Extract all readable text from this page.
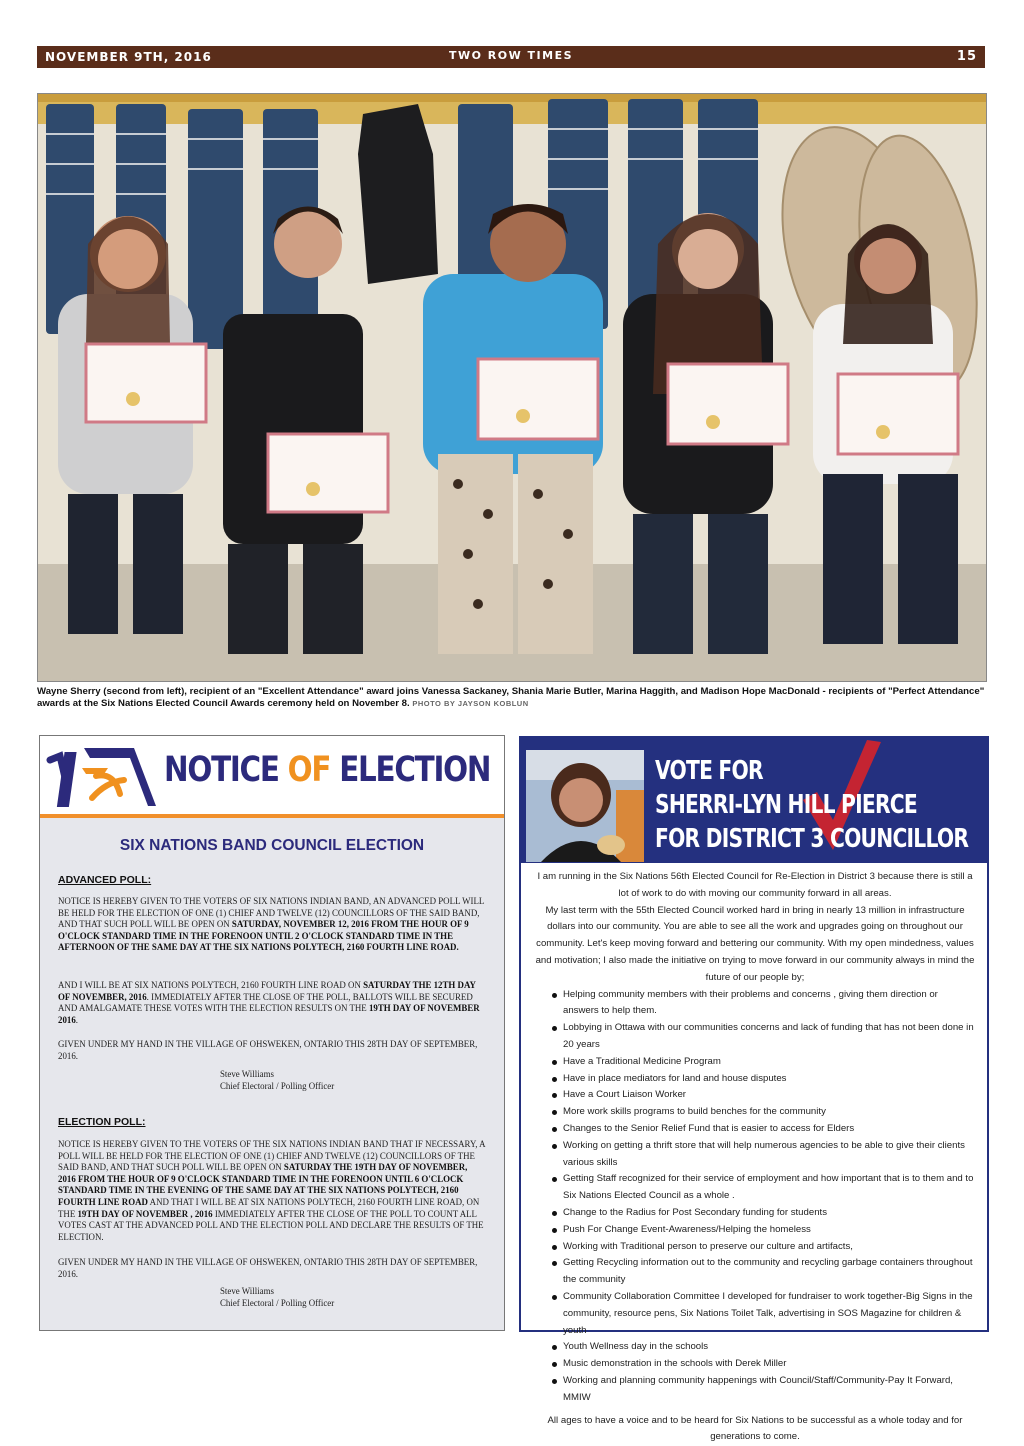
NOVEMBER 9TH, 2016	TWO ROW TIMES	15
Wayne Sherry (second from left), recipient of an "Excellent Attendance" award joins Vanessa Sackaney, Shania Marie Butler, Marina Haggith, and Madison Hope MacDonald - recipients of "Perfect Attendance" awards at the Six Nations Elected Council Awards ceremony held on November 8. PHOTO BY JAYSON KOBLUN
NOTICE OF ELECTION
SIX NATIONS BAND COUNCIL ELECTION
ADVANCED POLL:
NOTICE IS HEREBY GIVEN TO THE VOTERS OF SIX NATIONS INDIAN BAND, AN ADVANCED POLL WILL BE HELD FOR THE ELECTION OF ONE (1) CHIEF AND TWELVE (12) COUNCILLORS OF THE SAID BAND, AND THAT SUCH POLL WILL BE OPEN ON SATURDAY, NOVEMBER 12, 2016 FROM THE HOUR OF 9 O'CLOCK STANDARD TIME IN THE FORENOON UNTIL 2 O'CLOCK STANDARD TIME IN THE AFTERNOON OF THE SAME DAY AT THE SIX NATIONS POLYTECH, 2160 FOURTH LINE ROAD.
AND I WILL BE AT SIX NATIONS POLYTECH, 2160 FOURTH LINE ROAD ON SATURDAY THE 12TH DAY OF NOVEMBER, 2016. IMMEDIATELY AFTER THE CLOSE OF THE POLL, BALLOTS WILL BE SECURED AND AMALGAMATE THESE VOTES WITH THE ELECTION RESULTS ON THE 19TH DAY OF NOVEMBER 2016.
GIVEN UNDER MY HAND IN THE VILLAGE OF OHSWEKEN, ONTARIO THIS 28TH DAY OF SEPTEMBER, 2016.
Steve Williams
Chief Electoral / Polling Officer
ELECTION POLL:
NOTICE IS HEREBY GIVEN TO THE VOTERS OF THE SIX NATIONS INDIAN BAND THAT IF NECESSARY, A POLL WILL BE HELD FOR THE ELECTION OF ONE (1) CHIEF AND TWELVE (12) COUNCILLORS OF THE SAID BAND, AND THAT SUCH POLL WILL BE OPEN ON SATURDAY THE 19TH DAY OF NOVEMBER, 2016 FROM THE HOUR OF 9 O'CLOCK STANDARD TIME IN THE FORENOON UNTIL 6 O'CLOCK STANDARD TIME IN THE EVENING OF THE SAME DAY AT THE SIX NATIONS POLYTECH, 2160 FOURTH LINE ROAD AND THAT I WILL BE AT SIX NATIONS POLYTECH, 2160 FOURTH LINE ROAD, ON THE 19TH DAY OF NOVEMBER , 2016 IMMEDIATELY AFTER THE CLOSE OF THE POLL TO COUNT ALL VOTES CAST AT THE ADVANCED POLL AND THE ELECTION POLL AND DECLARE THE RESULTS OF THE ELECTION.
GIVEN UNDER MY HAND IN THE VILLAGE OF OHSWEKEN, ONTARIO THIS 28TH DAY OF SEPTEMBER, 2016.
Steve Williams
Chief Electoral / Polling Officer
VOTE FOR
SHERRI-LYN HILL PIERCE
FOR DISTRICT 3 COUNCILLOR
I am running in the Six Nations 56th Elected Council for Re-Election in District 3 because there is still a lot of work to do with moving our community forward in all areas.
My last term with the 55th Elected Council worked hard in bring in nearly 13 million in infrastructure dollars into our community. You are able to see all the work and upgrades going on throughout our community. Let's keep moving forward and bettering our community. With my open mindedness, values and motivation; I also made the initiative on trying to move forward in our community always in mind the future of our people by;
Helping community members with their problems and concerns , giving them direction or answers to help them.
Lobbying in Ottawa with our communities concerns and lack of funding that has not been done in 20 years
Have a Traditional Medicine Program
Have in place mediators for land and house disputes
Have a Court Liaison Worker
More work skills programs to build benches for the community
Changes to the Senior Relief Fund that is easier to access for Elders
Working on getting a thrift store that will help numerous agencies to be able to give their clients various skills
Getting Staff recognized for their service of employment and how important that is to them and to Six Nations Elected Council as a whole .
Change to the Radius for Post Secondary funding for students
Push For Change Event-Awareness/Helping the homeless
Working with Traditional person to preserve our culture and artifacts,
Getting Recycling information out to the community and recycling garbage containers throughout the community
Community Collaboration Committee I developed for fundraiser to work together-Big Signs in the community, resource pens, Six Nations Toilet Talk, advertising in SOS Magazine for children & youth
Youth Wellness day in the schools
Music demonstration in the schools with Derek Miller
Working and planning community happenings with Council/Staff/Community-Pay It Forward, MMIW
All ages to have a voice and to be heard for Six Nations to be successful as a whole today and for generations to come.
